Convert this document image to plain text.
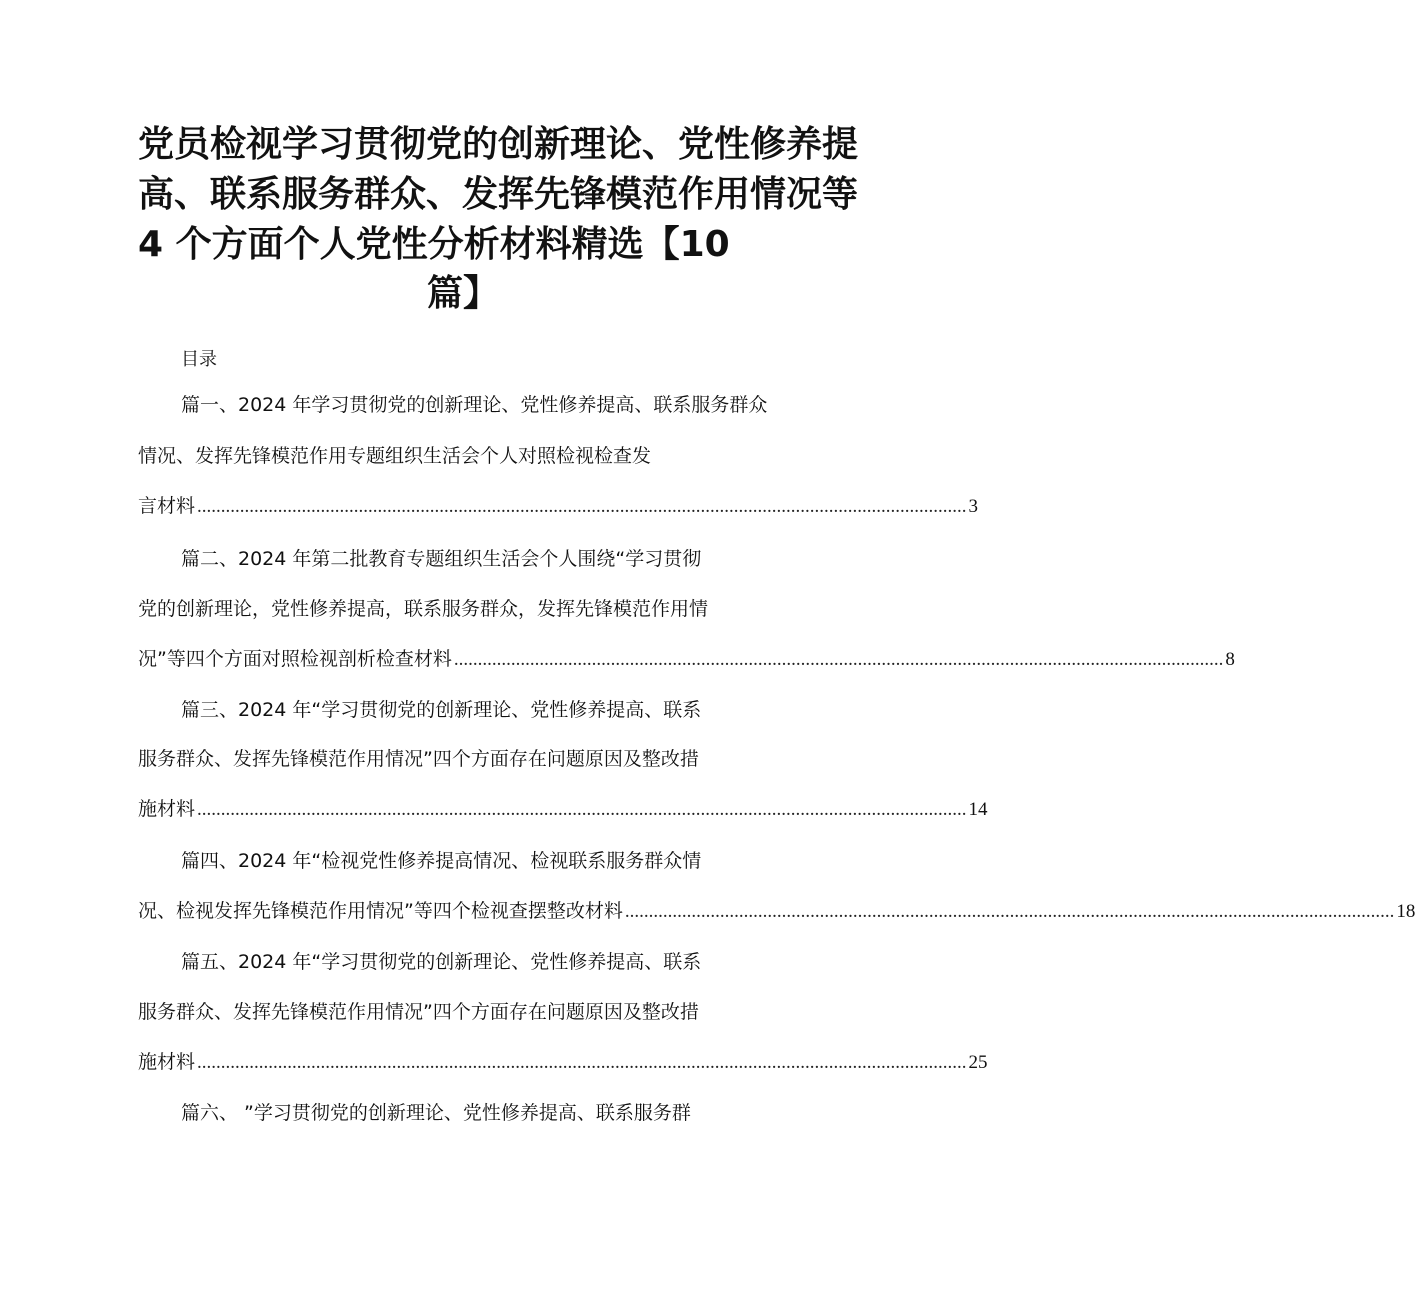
党员检视学习贯彻党的创新理论、党性修养提
高、联系服务群众、发挥先锋模范作用情况等
4 个方面个人党性分析材料精选【10
篇】
目录
篇一、2024 年学习贯彻党的创新理论、党性修养提高、联系服务群众
情况、发挥先锋模范作用专题组织生活会个人对照检视检查发
言材料 .................................................................................................................................................................. 3
篇二、2024 年第二批教育专题组织生活会个人围绕“学习贯彻
党的创新理论，党性修养提高，联系服务群众，发挥先锋模范作用情
况”等四个方面对照检视剖析检查材料 .................................................................................................................................................................. 8
篇三、2024 年“学习贯彻党的创新理论、党性修养提高、联系
服务群众、发挥先锋模范作用情况”四个方面存在问题原因及整改措
施材料 .................................................................................................................................................................. 14
篇四、2024 年“检视党性修养提高情况、检视联系服务群众情
况、检视发挥先锋模范作用情况”等四个检视查摆整改材料 .................................................................................................................................................................. 18
篇五、2024 年“学习贯彻党的创新理论、党性修养提高、联系
服务群众、发挥先锋模范作用情况”四个方面存在问题原因及整改措
施材料 .................................................................................................................................................................. 25
篇六、 ”学习贯彻党的创新理论、党性修养提高、联系服务群
